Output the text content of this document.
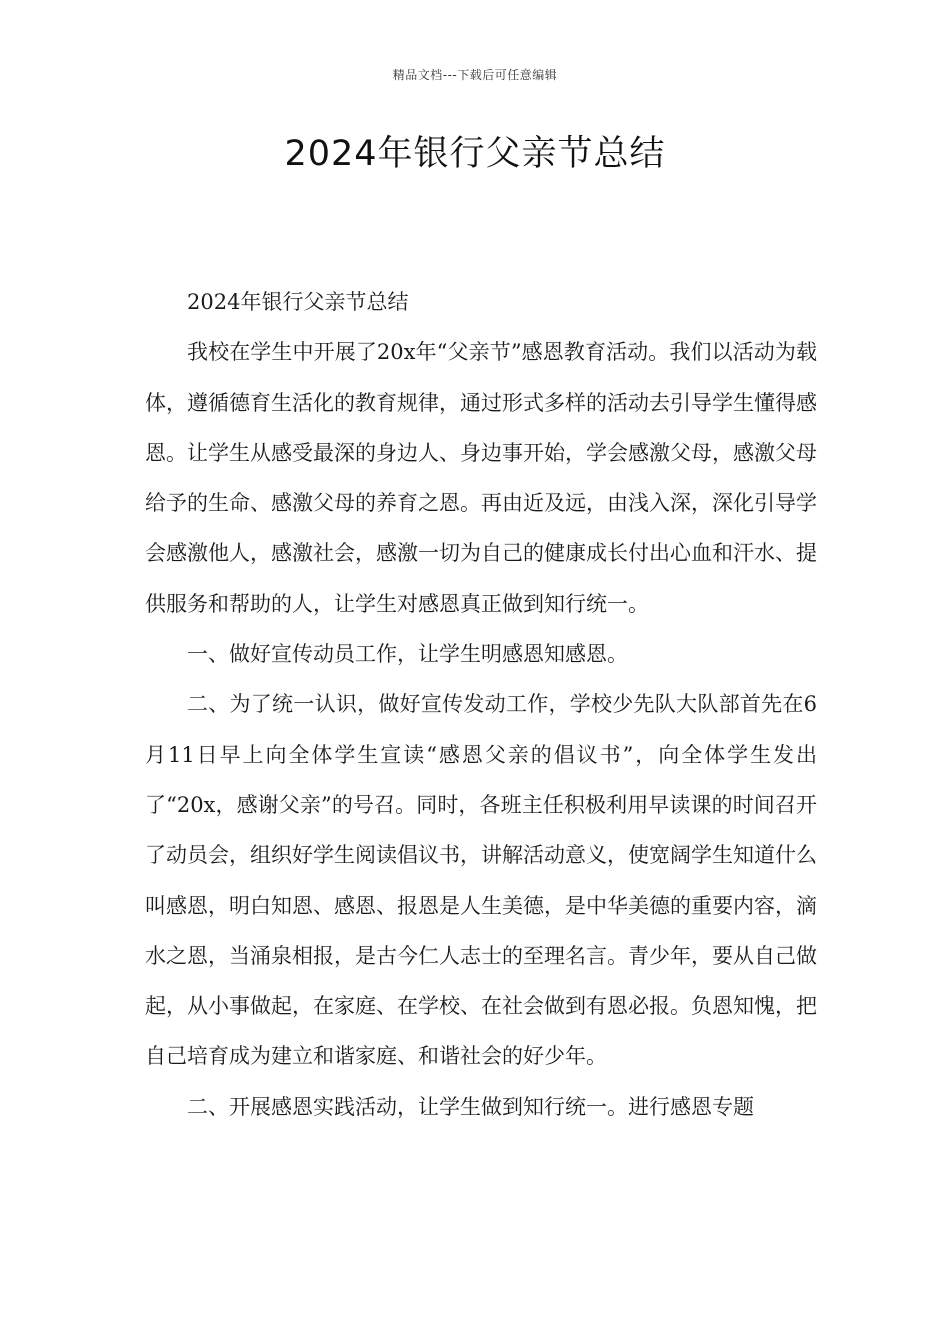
精品文档---下载后可任意编辑
2024年银行父亲节总结

2024年银行父亲节总结

我校在学生中开展了20x年“父亲节”感恩教育活动。我们以活动为载体，遵循德育生活化的教育规律，通过形式多样的活动去引导学生懂得感恩。让学生从感受最深的身边人、身边事开始，学会感激父母，感激父母给予的生命、感激父母的养育之恩。再由近及远，由浅入深，深化引导学会感激他人，感激社会，感激一切为自己的健康成长付出心血和汗水、提供服务和帮助的人，让学生对感恩真正做到知行统一。

一、做好宣传动员工作，让学生明感恩知感恩。

二、为了统一认识，做好宣传发动工作，学校少先队大队部首先在6月11日早上向全体学生宣读“感恩父亲的倡议书”，向全体学生发出了“20x，感谢父亲”的号召。同时，各班主任积极利用早读课的时间召开了动员会，组织好学生阅读倡议书，讲解活动意义，使宽阔学生知道什么叫感恩，明白知恩、感恩、报恩是人生美德，是中华美德的重要内容，滴水之恩，当涌泉相报，是古今仁人志士的至理名言。青少年，要从自己做起，从小事做起，在家庭、在学校、在社会做到有恩必报。负恩知愧，把自己培育成为建立和谐家庭、和谐社会的好少年。

二、开展感恩实践活动，让学生做到知行统一。进行感恩专题
